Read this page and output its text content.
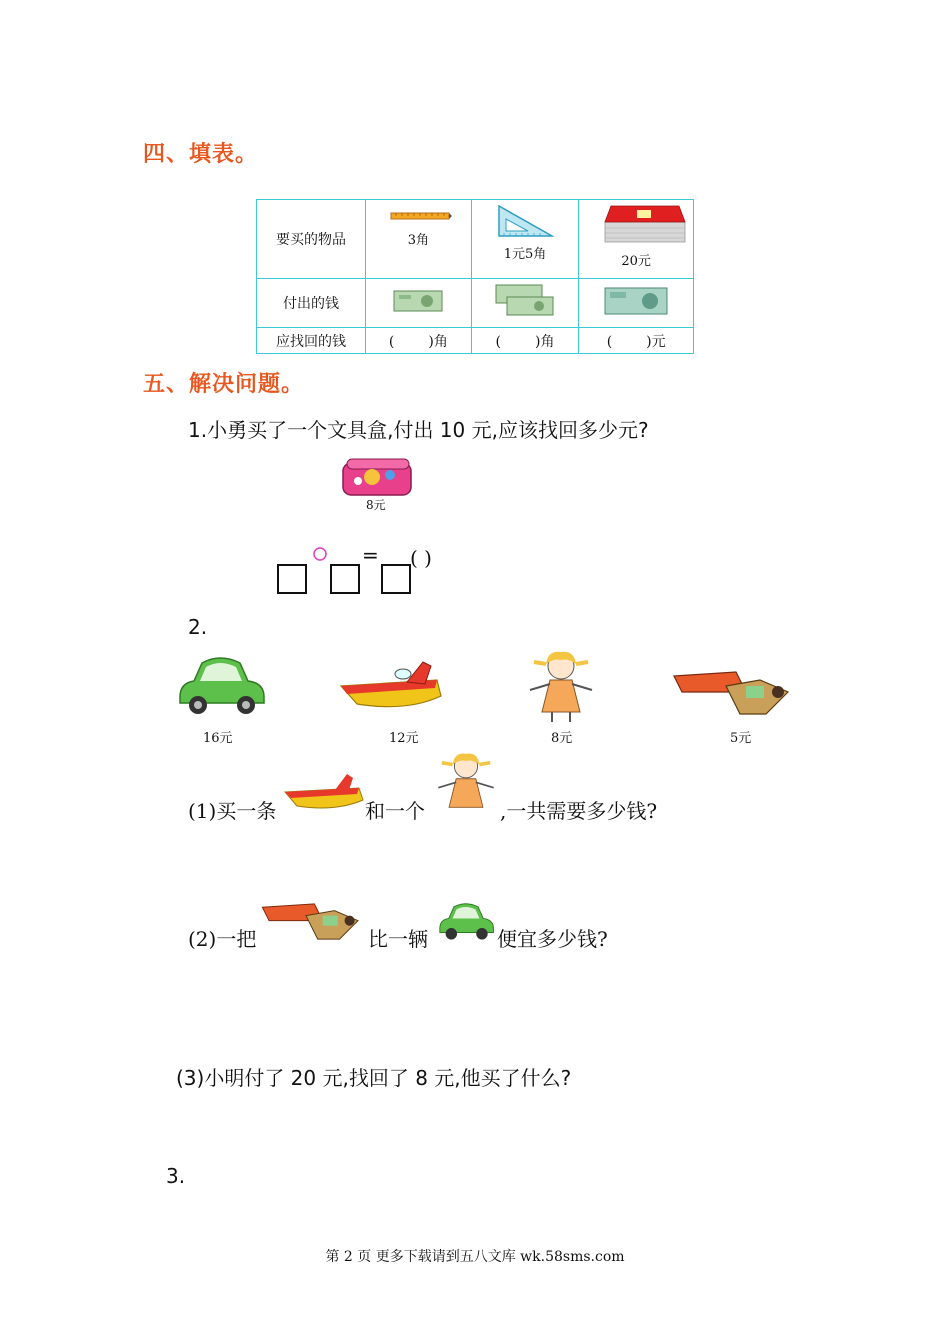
四、填表。
要买的物品	3角	1元5角	20元

付出的钱			
应找回的钱	( )角	( )角	( )元
五、解决问题。
1.小勇买了一个文具盒,付出 10 元,应该找回多少元?
8元
= ( )
2.
16元	12元	8元	5元
(1)买一条	和一个	,一共需要多少钱?
(2)一把	比一辆	便宜多少钱?
(3)小明付了 20 元,找回了 8 元,他买了什么?
3.
第 2 页 更多下载请到五八文库 wk.58sms.com
